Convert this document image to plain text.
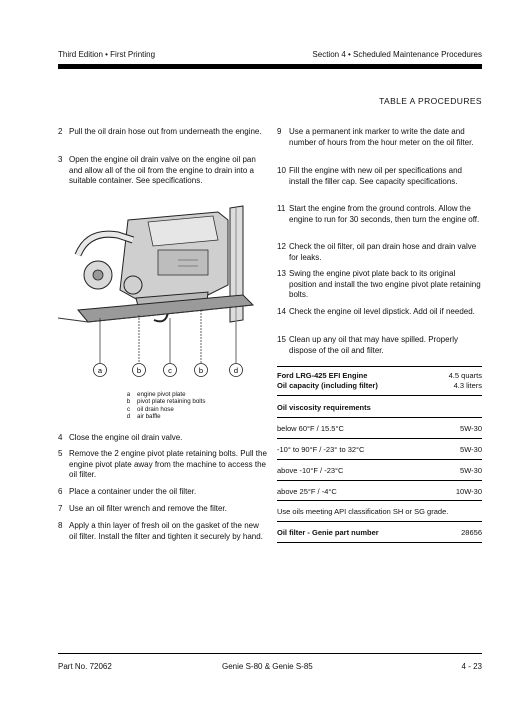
Third Edition • First Printing	Section 4 • Scheduled Maintenance Procedures
TABLE A PROCEDURES
2 Pull the oil drain hose out from underneath the engine.
3 Open the engine oil drain valve on the engine oil pan and allow all of the oil from the engine to drain into a suitable container. See specifications.
a	b	c	b	d
a	engine pivot plate
b	pivot plate retaining bolts
c	oil drain hose
d	air baffle
4 Close the engine oil drain valve.
5 Remove the 2 engine pivot plate retaining bolts. Pull the engine pivot plate away from the machine to access the oil filter.
6 Place a container under the oil filter.
7 Use an oil filter wrench and remove the filter.
8 Apply a thin layer of fresh oil on the gasket of the new oil filter. Install the filter and tighten it securely by hand.
9 Use a permanent ink marker to write the date and number of hours from the hour meter on the oil filter.
10 Fill the engine with new oil per specifications and install the filler cap. See capacity specifications.
11 Start the engine from the ground controls. Allow the engine to run for 30 seconds, then turn the engine off.
12 Check the oil filter, oil pan drain hose and drain valve for leaks.
13 Swing the engine pivot plate back to its original position and install the two engine pivot plate retaining bolts.
14 Check the engine oil level dipstick. Add oil if needed.
15 Clean up any oil that may have spilled. Properly dispose of the oil and filter.
Ford LRG-425 EFI Engine	4.5 quarts
Oil capacity (including filter)	4.3 liters
Oil viscosity requirements
below 60°F / 15.5°C	5W-30
-10° to 90°F / -23° to 32°C	5W-30
above -10°F / -23°C	5W-30
above 25°F / -4°C	10W-30
Use oils meeting API classification SH or SG grade.
Oil filter - Genie part number	28656
Part No. 72062	Genie S-80 & Genie S-85	4 - 23
